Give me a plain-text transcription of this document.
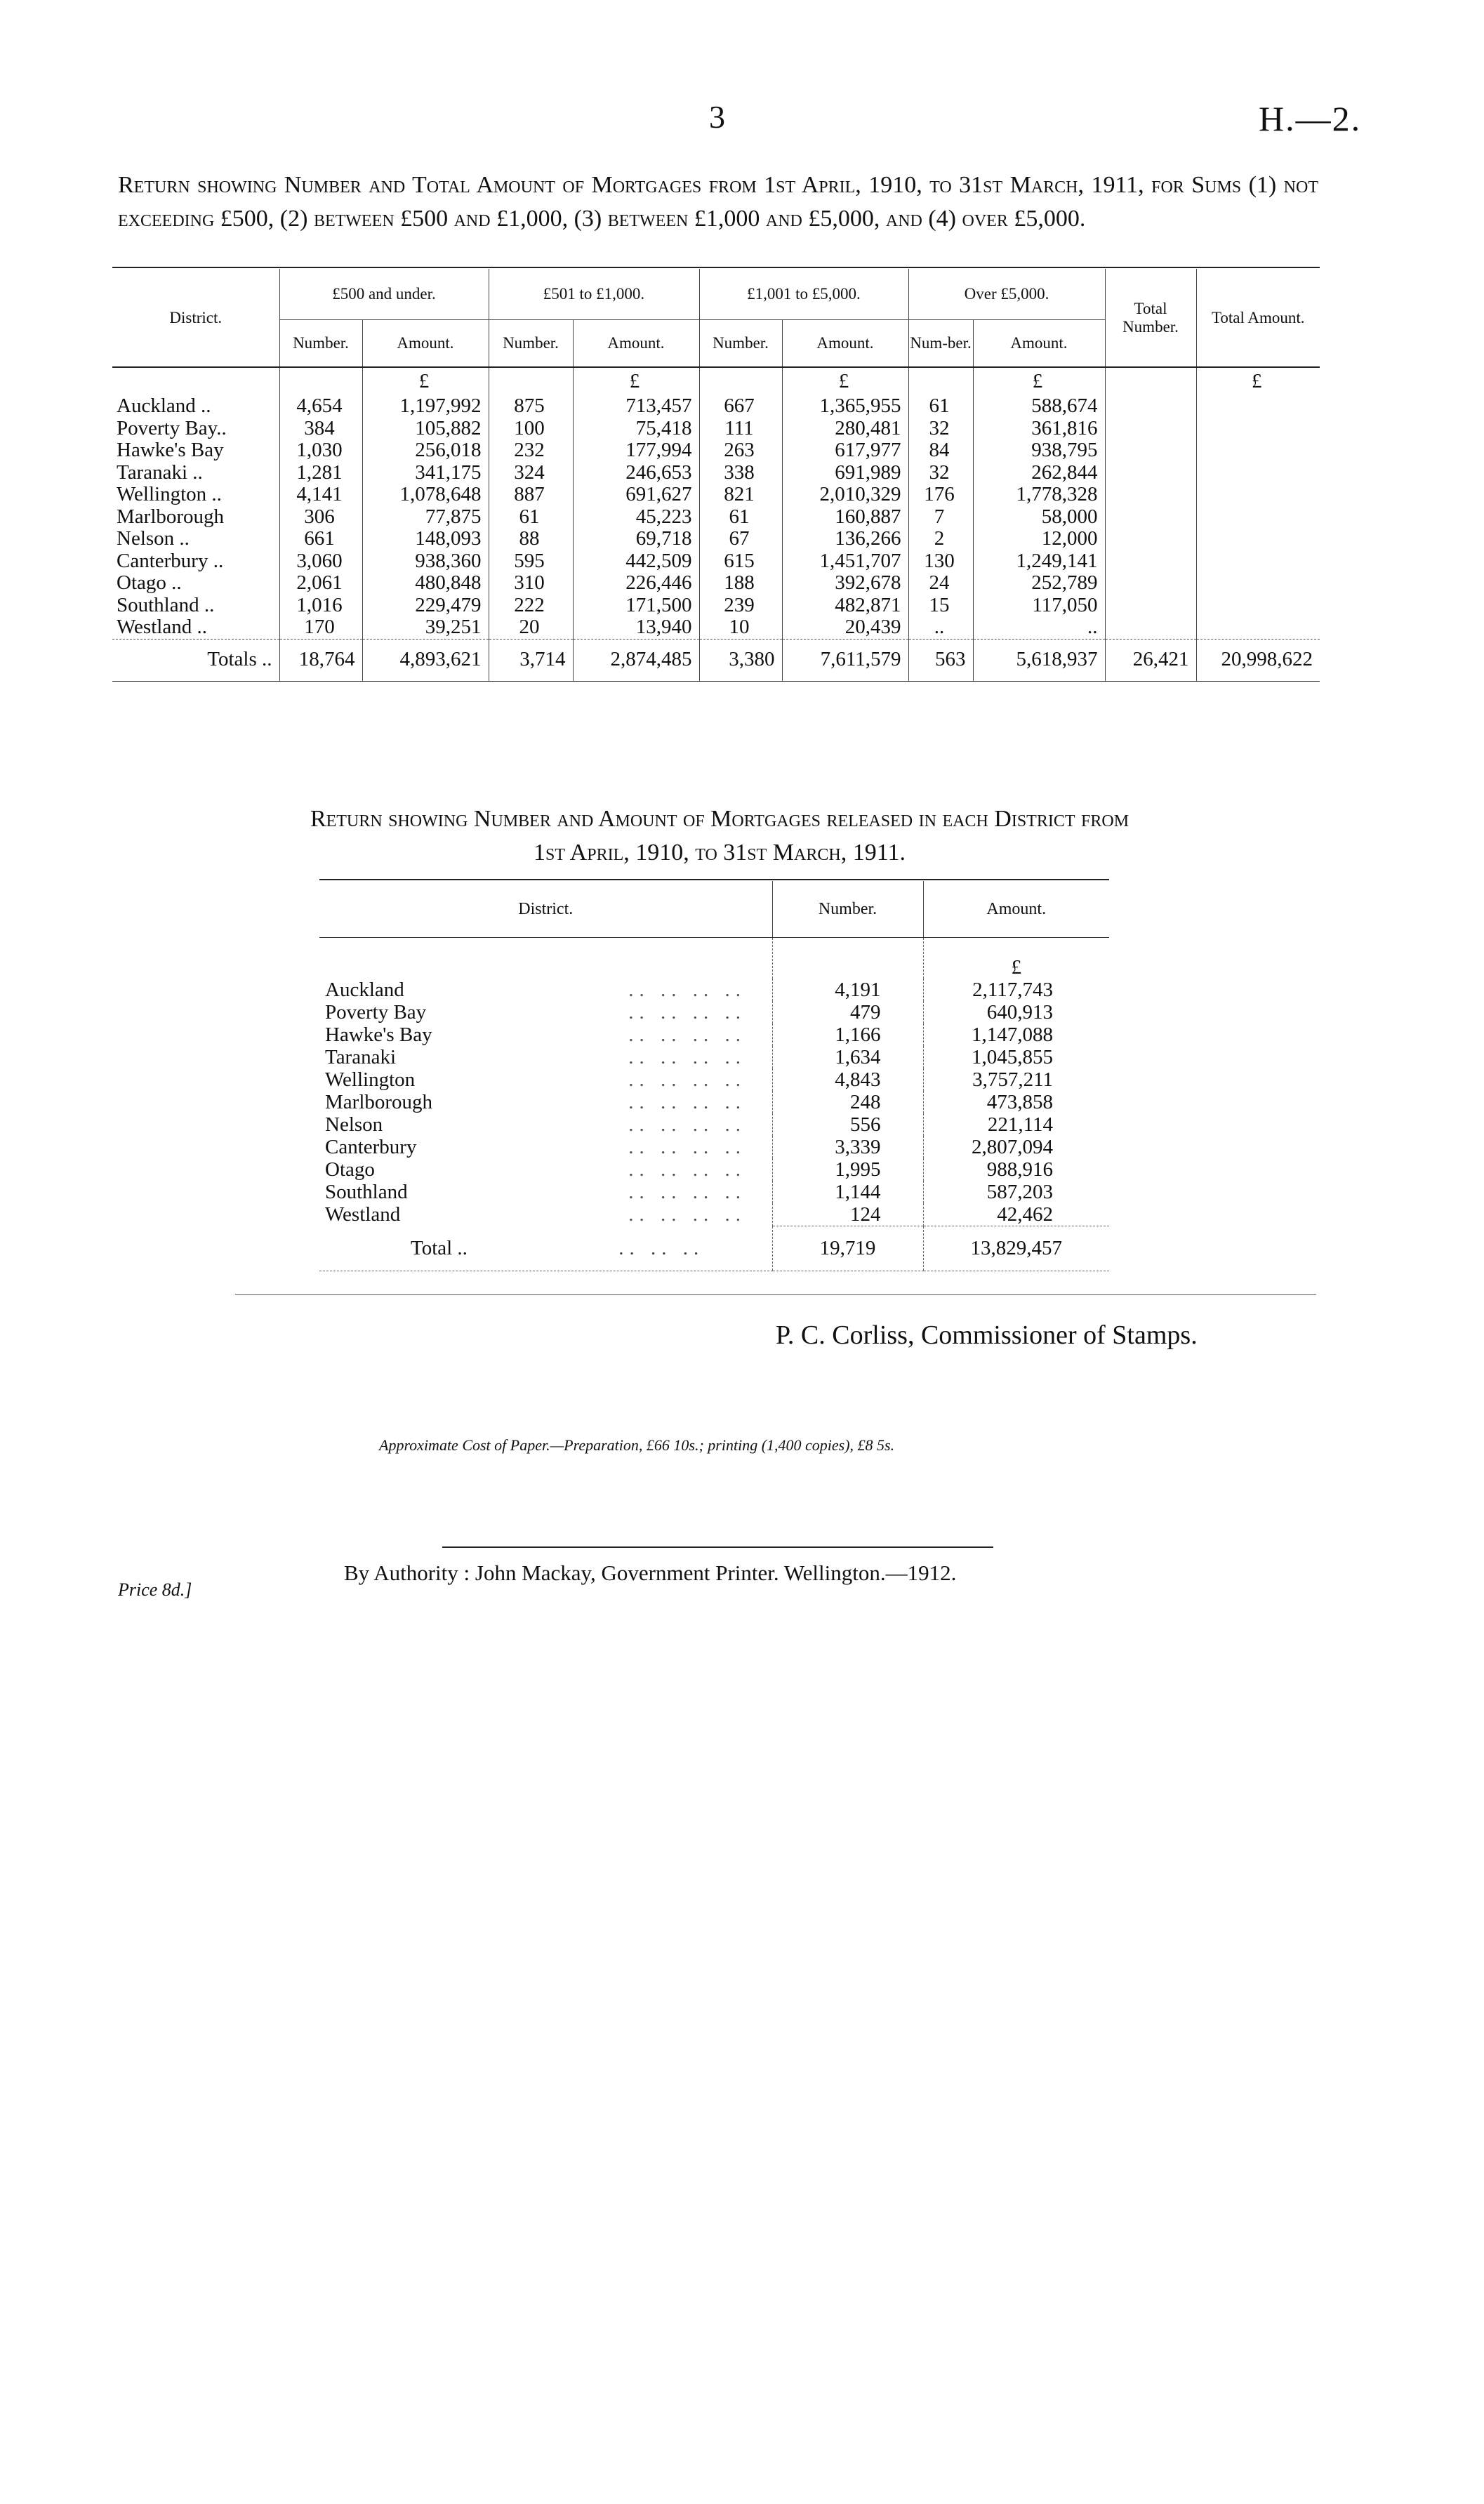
3	H.—2.
Return showing Number and Total Amount of Mortgages from 1st April, 1910, to 31st March, 1911, for Sums (1) not exceeding £500, (2) between £500 and £1,000, (3) between £1,000 and £5,000, and (4) over £5,000.
District.	£500 and under.		£501 to £1,000.		£1,001 to £5,000.		Over £5,000.		Total Number.	Total Amount.
	Number.	Amount.	Number.	Amount.	Number.	Amount.	Num-ber.	Amount.		
		£		£		£		£		£
Auckland ..	4,654	1,197,992	875	713,457	667	1,365,955	61	588,674		
Poverty Bay..	384	105,882	100	75,418	111	280,481	32	361,816		
Hawke's Bay	1,030	256,018	232	177,994	263	617,977	84	938,795		
Taranaki ..	1,281	341,175	324	246,653	338	691,989	32	262,844		
Wellington ..	4,141	1,078,648	887	691,627	821	2,010,329	176	1,778,328		
Marlborough	306	77,875	61	45,223	61	160,887	7	58,000		
Nelson ..	661	148,093	88	69,718	67	136,266	2	12,000		
Canterbury ..	3,060	938,360	595	442,509	615	1,451,707	130	1,249,141		
Otago ..	2,061	480,848	310	226,446	188	392,678	24	252,789		
Southland ..	1,016	229,479	222	171,500	239	482,871	15	117,050		
Westland ..	170	39,251	20	13,940	10	20,439	..	..		
Totals ..	18,764	4,893,621	3,714	2,874,485	3,380	7,611,579	563	5,618,937	26,421	20,998,622
Return showing Number and Amount of Mortgages released in each District from
1st April, 1910, to 31st March, 1911.
District.	Number.	Amount.
		£
Auckland .. .. .. ..	4,191	2,117,743
Poverty Bay .. .. .. ..	479	640,913
Hawke's Bay .. .. .. ..	1,166	1,147,088
Taranaki .. .. .. ..	1,634	1,045,855
Wellington .. .. .. ..	4,843	3,757,211
Marlborough .. .. .. ..	248	473,858
Nelson .. .. .. ..	556	221,114
Canterbury .. .. .. ..	3,339	2,807,094
Otago .. .. .. ..	1,995	988,916
Southland .. .. .. ..	1,144	587,203
Westland .. .. .. ..	124	42,462
Total .. .. .. ..	19,719	13,829,457
P. C. Corliss, Commissioner of Stamps.
Approximate Cost of Paper.—Preparation, £66 10s.; printing (1,400 copies), £8 5s.
Price 8d.]
By Authority : John Mackay, Government Printer. Wellington.—1912.
